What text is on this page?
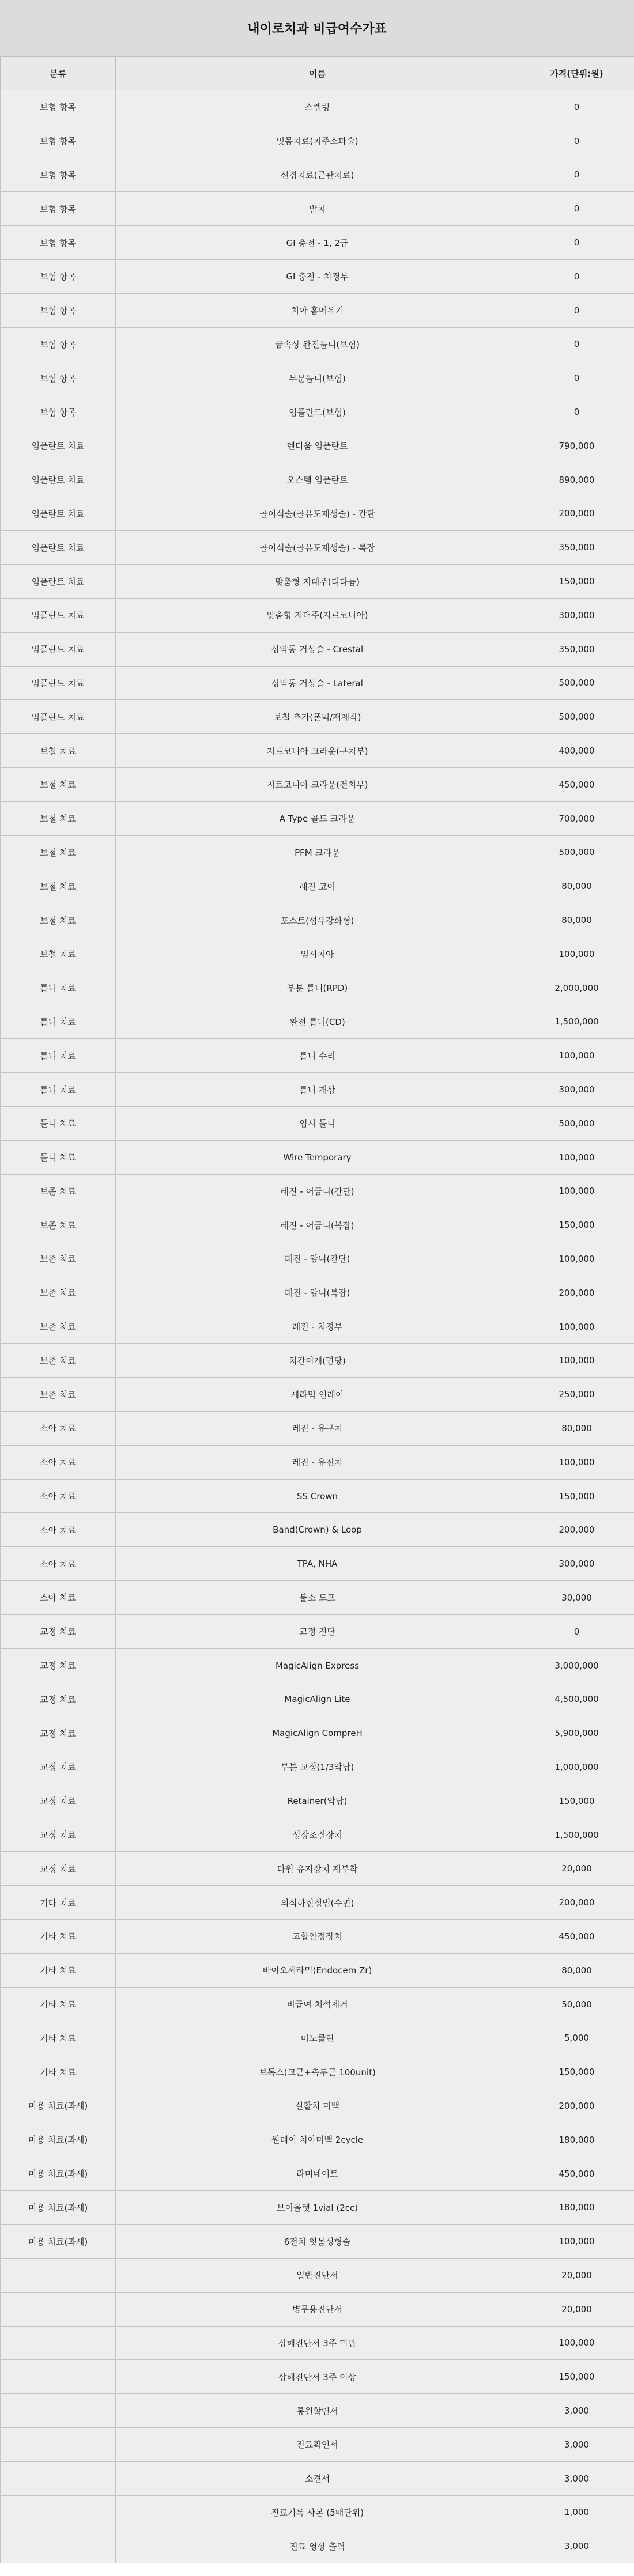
내이로치과 비급여수가표
분류	이름	가격(단위:원)
보험 항목	스켈링	0
보험 항목	잇몸치료(치주소파술)	0
보험 항목	신경치료(근관치료)	0
보험 항목	발치	0
보험 항목	GI 충전 - 1, 2급	0
보험 항목	GI 충전 - 치경부	0
보험 항목	치아 홈메우기	0
보험 항목	금속상 완전틀니(보험)	0
보험 항목	부분틀니(보험)	0
보험 항목	임플란트(보험)	0
임플란트 치료	덴티움 임플란트	790,000
임플란트 치료	오스템 임플란트	890,000
임플란트 치료	골이식술(골유도재생술) - 간단	200,000
임플란트 치료	골이식술(골유도재생술) - 복잡	350,000
임플란트 치료	맞춤형 지대주(티타늄)	150,000
임플란트 치료	맞춤형 지대주(지르코니아)	300,000
임플란트 치료	상악동 거상술 - Crestal	350,000
임플란트 치료	상악동 거상술 - Lateral	500,000
임플란트 치료	보철 추가(폰틱/재제작)	500,000
보철 치료	지르코니아 크라운(구치부)	400,000
보철 치료	지르코니아 크라운(전치부)	450,000
보철 치료	A Type 골드 크라운	700,000
보철 치료	PFM 크라운	500,000
보철 치료	레진 코어	80,000
보철 치료	포스트(섬유강화형)	80,000
보철 치료	임시치아	100,000
틀니 치료	부분 틀니(RPD)	2,000,000
틀니 치료	완전 틀니(CD)	1,500,000
틀니 치료	틀니 수리	100,000
틀니 치료	틀니 개상	300,000
틀니 치료	임시 틀니	500,000
틀니 치료	Wire Temporary	100,000
보존 치료	레진 - 어금니(간단)	100,000
보존 치료	레진 - 어금니(복잡)	150,000
보존 치료	레진 - 앞니(간단)	100,000
보존 치료	레진 - 앞니(복잡)	200,000
보존 치료	레진 - 치경부	100,000
보존 치료	치간이개(면당)	100,000
보존 치료	세라믹 인레이	250,000
소아 치료	레진 - 유구치	80,000
소아 치료	레진 - 유전치	100,000
소아 치료	SS Crown	150,000
소아 치료	Band(Crown) & Loop	200,000
소아 치료	TPA, NHA	300,000
소아 치료	불소 도포	30,000
교정 치료	교정 진단	0
교정 치료	MagicAlign Express	3,000,000
교정 치료	MagicAlign Lite	4,500,000
교정 치료	MagicAlign CompreH	5,900,000
교정 치료	부분 교정(1/3악당)	1,000,000
교정 치료	Retainer(악당)	150,000
교정 치료	성장조절장치	1,500,000
교정 치료	타원 유지장치 재부착	20,000
기타 치료	의식하진정법(수면)	200,000
기타 치료	교합안정장치	450,000
기타 치료	바이오세라믹(Endocem Zr)	80,000
기타 치료	비급여 치석제거	50,000
기타 치료	미노클린	5,000
기타 치료	보톡스(교근+측두근 100unit)	150,000
미용 치료(과세)	실활치 미백	200,000
미용 치료(과세)	원데이 치아미백 2cycle	180,000
미용 치료(과세)	라미네이트	450,000
미용 치료(과세)	브이올렛 1vial (2cc)	180,000
미용 치료(과세)	6전치 잇몸성형술	100,000
	일반진단서	20,000
	병무용진단서	20,000
	상해진단서 3주 미만	100,000
	상해진단서 3주 이상	150,000
	통원확인서	3,000
	진료확인서	3,000
	소견서	3,000
	진료기록 사본 (5매단위)	1,000
	진료 영상 출력	3,000
